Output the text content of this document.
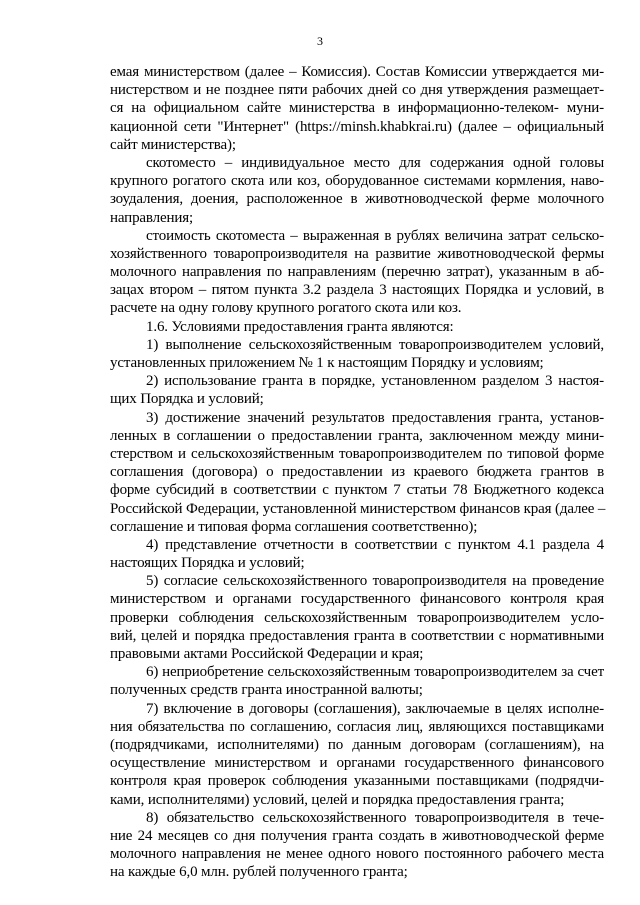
3
емая министерством (далее – Комиссия). Состав Комиссии утверждается ми-
нистерством и не позднее пяти рабочих дней со дня утверждения размещает-
ся на официальном сайте министерства в информационно-телеком- муни-
кационной сети "Интернет" (https://minsh.khabkrai.ru) (далее – официальный
сайт министерства);
скотоместо – индивидуальное место для содержания одной головы
крупного рогатого скота или коз, оборудованное системами кормления, наво-
зоудаления, доения, расположенное в животноводческой ферме молочного
направления;
стоимость скотоместа – выраженная в рублях величина затрат сельско-
хозяйственного товаропроизводителя на развитие животноводческой фермы
молочного направления по направлениям (перечню затрат), указанным в аб-
зацах втором – пятом пункта 3.2 раздела 3 настоящих Порядка и условий, в
расчете на одну голову крупного рогатого скота или коз.
1.6. Условиями предоставления гранта являются:
1) выполнение сельскохозяйственным товаропроизводителем условий,
установленных приложением № 1 к настоящим Порядку и условиям;
2) использование гранта в порядке, установленном разделом 3 настоя-
щих Порядка и условий;
3) достижение значений результатов предоставления гранта, установ-
ленных в соглашении о предоставлении гранта, заключенном между мини-
стерством и сельскохозяйственным товаропроизводителем по типовой форме
соглашения (договора) о предоставлении из краевого бюджета грантов в
форме субсидий в соответствии с пунктом 7 статьи 78 Бюджетного кодекса
Российской Федерации, установленной министерством финансов края (далее –
соглашение и типовая форма соглашения соответственно);
4) представление отчетности в соответствии с пунктом 4.1 раздела 4
настоящих Порядка и условий;
5) согласие сельскохозяйственного товаропроизводителя на проведение
министерством и органами государственного финансового контроля края
проверки соблюдения сельскохозяйственным товаропроизводителем усло-
вий, целей и порядка предоставления гранта в соответствии с нормативными
правовыми актами Российской Федерации и края;
6) неприобретение сельскохозяйственным товаропроизводителем за счет
полученных средств гранта иностранной валюты;
7) включение в договоры (соглашения), заключаемые в целях исполне-
ния обязательства по соглашению, согласия лиц, являющихся поставщиками
(подрядчиками, исполнителями) по данным договорам (соглашениям), на
осуществление министерством и органами государственного финансового
контроля края проверок соблюдения указанными поставщиками (подрядчи-
ками, исполнителями) условий, целей и порядка предоставления гранта;
8) обязательство сельскохозяйственного товаропроизводителя в тече-
ние 24 месяцев со дня получения гранта создать в животноводческой ферме
молочного направления не менее одного нового постоянного рабочего места
на каждые 6,0 млн. рублей полученного гранта;
